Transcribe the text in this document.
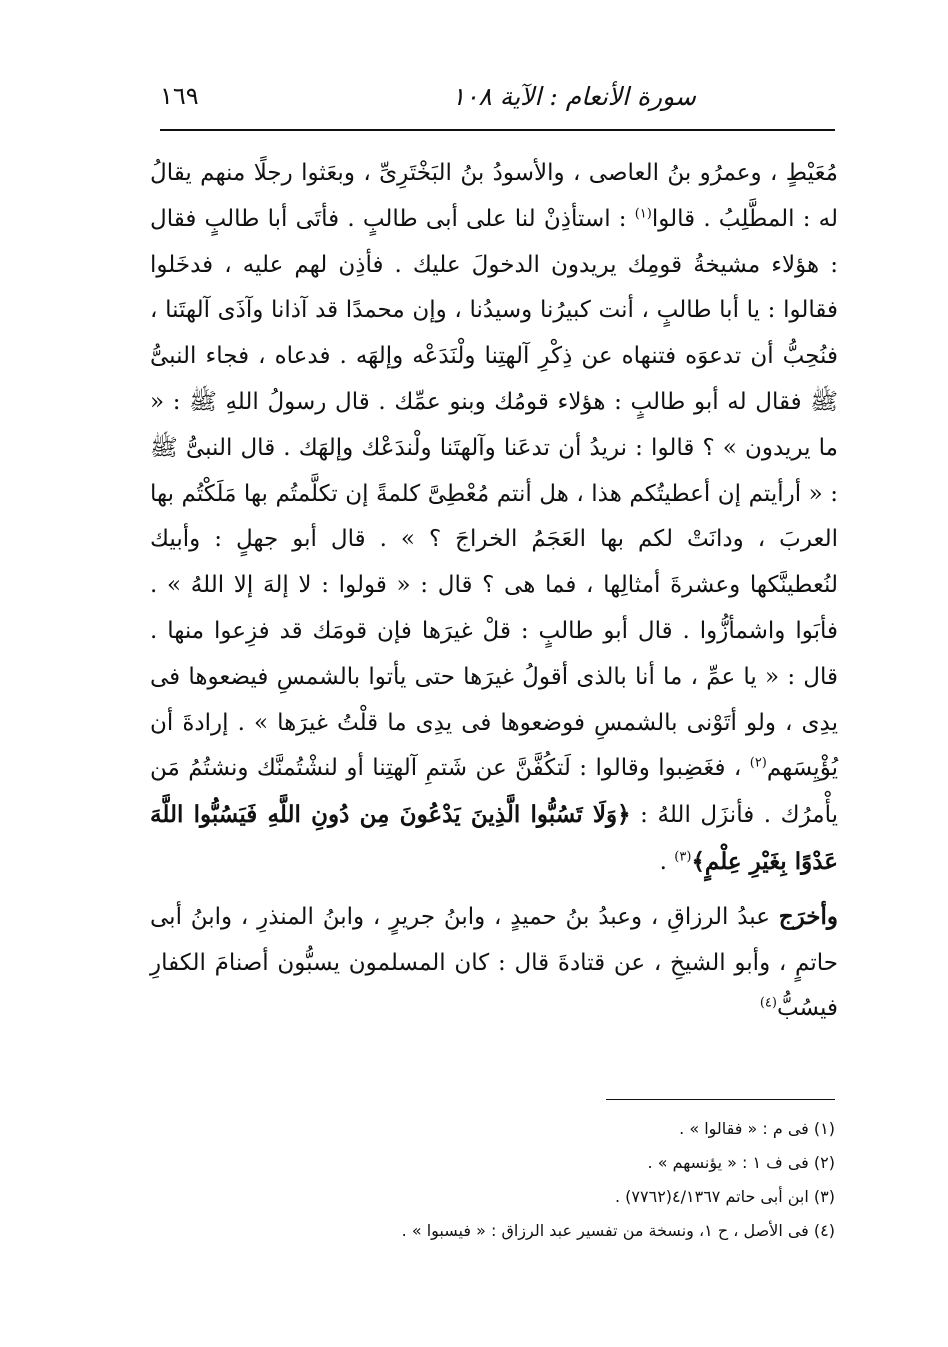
١٦٩	سورة الأنعام : الآية ١٠٨

مُعَيْطٍ ، وعمرُو بنُ العاصى ، والأسودُ بنُ البَخْتَرِىِّ ، وبعَثوا رجلًا منهم يقالُ له : المطَّلِبُ . قالوا$^{(١)}$ : استأذِنْ لنا على أبى طالبٍ . فأتَى أبا طالبٍ فقال : هؤلاء مشيخةُ قومِك يريدون الدخولَ عليك . فأذِن لهم عليه ، فدخَلوا فقالوا : يا أبا طالبٍ ، أنت كبيرُنا وسيدُنا ، وإن محمدًا قد آذانا وآذَى آلهتَنا ، فنُحِبُّ أن تدعوَه فتنهاه عن ذِكْرِ آلهتِنا ولْنَدَعْه وإلهَه . فدعاه ، فجاء النبىُّ ﷺ فقال له أبو طالبٍ : هؤلاء قومُك وبنو عمِّك . قال رسولُ اللهِ ﷺ : « ما يريدون » ؟ قالوا : نريدُ أن تدعَنا وآلهتَنا ولْندَعْك وإلهَك . قال النبىُّ ﷺ : « أرأيتم إن أعطيتُكم هذا ، هل أنتم مُعْطِىَّ كلمةً إن تكلَّمتُم بها مَلَكْتُم بها العربَ ، ودانَتْ لكم بها العَجَمُ الخراجَ ؟ » . قال أبو جهلٍ : وأبيك لنُعطينَّكها وعشرةَ أمثالِها ، فما هى ؟ قال : « قولوا : لا إلهَ إلا اللهُ » . فأبَوا واشمأزُّوا . قال أبو طالبٍ : قلْ غيرَها فإن قومَك قد فزِعوا منها . قال : « يا عمِّ ، ما أنا بالذى أقولُ غيرَها حتى يأتوا بالشمسِ فيضعوها فى يدِى ، ولو أتَوْنى بالشمسِ فوضعوها فى يدِى ما قلْتُ غيرَها » . إرادةَ أن يُؤْيِسَهم$^{(٢)}$ ، فغَضِبوا وقالوا : لَتكُفَّنَّ عن شَتمِ آلهتِنا أو لنشْتُمنَّك ونشتُمُ مَن يأْمرُك . فأنزَل اللهُ : ﴿وَلَا تَسُبُّوا الَّذِينَ يَدْعُونَ مِن دُونِ اللَّهِ فَيَسُبُّوا اللَّهَ عَدْوًا بِغَيْرِ عِلْمٍ﴾$^{(٣)}$ .

وأخرَج عبدُ الرزاقِ ، وعبدُ بنُ حميدٍ ، وابنُ جريرٍ ، وابنُ المنذرِ ، وابنُ أبى حاتمٍ ، وأبو الشيخِ ، عن قتادةَ قال : كان المسلمون يسبُّون أصنامَ الكفارِ فيسُبُّ$^{(٤)}$

(١) فى م : « فقالوا » .

(٢) فى ف ١ : « يؤنسهم » .

(٣) ابن أبى حاتم ٤/١٣٦٧(٧٧٦٢) .

(٤) فى الأصل ، ح ١، ونسخة من تفسير عبد الرزاق : « فيسبوا » .
